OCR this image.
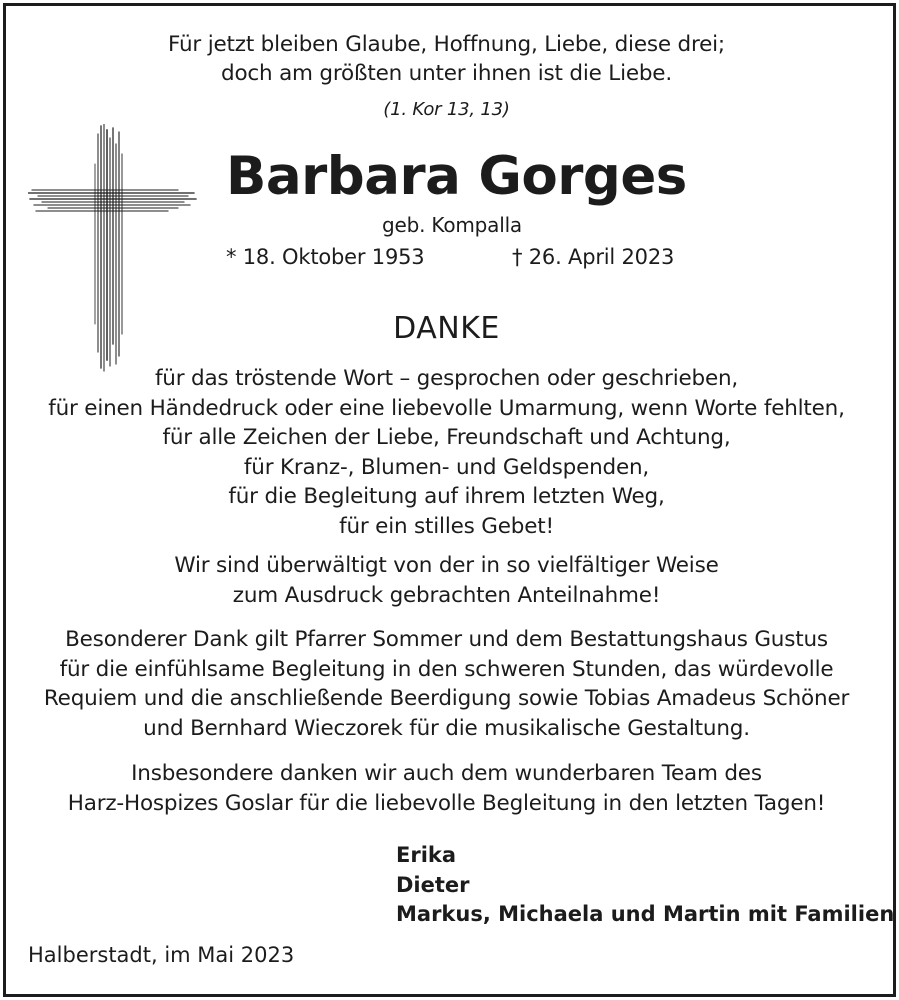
Für jetzt bleiben Glaube, Hoffnung, Liebe, diese drei;
doch am größten unter ihnen ist die Liebe.
(1. Kor 13, 13)
Barbara Gorges
geb. Kompalla
* 18. Oktober 1953	† 26. April 2023
DANKE
für das tröstende Wort – gesprochen oder geschrieben,
für einen Händedruck oder eine liebevolle Umarmung, wenn Worte fehlten,
für alle Zeichen der Liebe, Freundschaft und Achtung,
für Kranz-, Blumen- und Geldspenden,
für die Begleitung auf ihrem letzten Weg,
für ein stilles Gebet!
Wir sind überwältigt von der in so vielfältiger Weise
zum Ausdruck gebrachten Anteilnahme!
Besonderer Dank gilt Pfarrer Sommer und dem Bestattungshaus Gustus
für die einfühlsame Begleitung in den schweren Stunden, das würdevolle
Requiem und die anschließende Beerdigung sowie Tobias Amadeus Schöner
und Bernhard Wieczorek für die musikalische Gestaltung.
Insbesondere danken wir auch dem wunderbaren Team des
Harz-Hospizes Goslar für die liebevolle Begleitung in den letzten Tagen!
Erika
Dieter
Markus, Michaela und Martin mit Familien
Halberstadt, im Mai 2023
